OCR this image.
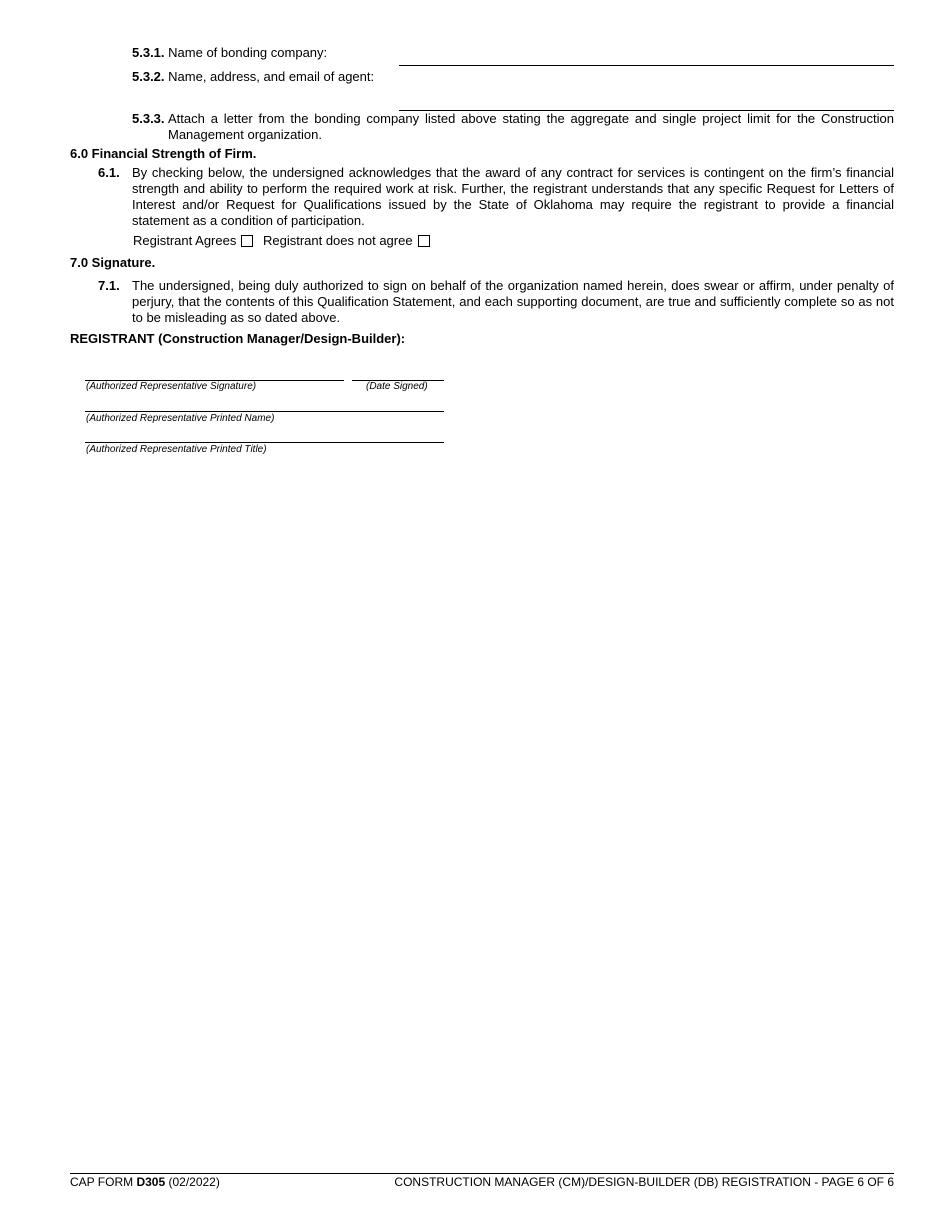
5.3.1. Name of bonding company:
5.3.2. Name, address, and email of agent:
5.3.3. Attach a letter from the bonding company listed above stating the aggregate and single project limit for the Construction Management organization.
6.0 Financial Strength of Firm.
6.1. By checking below, the undersigned acknowledges that the award of any contract for services is contingent on the firm’s financial strength and ability to perform the required work at risk. Further, the registrant understands that any specific Request for Letters of Interest and/or Request for Qualifications issued by the State of Oklahoma may require the registrant to provide a financial statement as a condition of participation.
Registrant Agrees Registrant does not agree
7.0 Signature.
7.1. The undersigned, being duly authorized to sign on behalf of the organization named herein, does swear or affirm, under penalty of perjury, that the contents of this Qualification Statement, and each supporting document, are true and sufficiently complete so as not to be misleading as so dated above.
REGISTRANT (Construction Manager/Design-Builder):
(Authorized Representative Signature)	(Date Signed)
(Authorized Representative Printed Name)
(Authorized Representative Printed Title)
CAP FORM D305 (02/2022)	CONSTRUCTION MANAGER (CM)/DESIGN-BUILDER (DB) REGISTRATION - PAGE 6 OF 6
